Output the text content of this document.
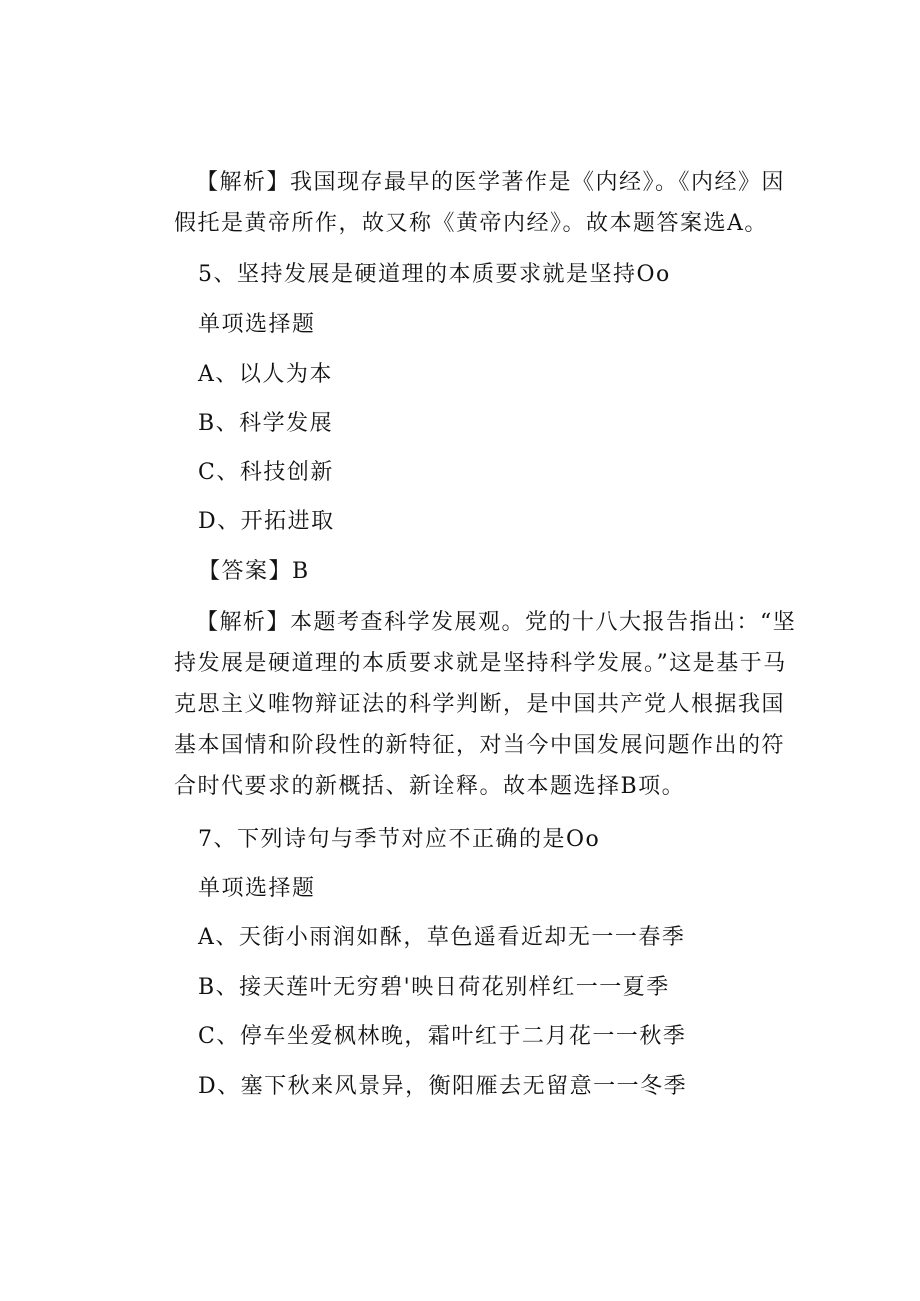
【解析】我国现存最早的医学著作是《内经》。《内经》因假托是黄帝所作，故又称《黄帝内经》。故本题答案选A。
5、坚持发展是硬道理的本质要求就是坚持Oo
单项选择题
A、以人为本
B、科学发展
C、科技创新
D、开拓进取
【答案】B
【解析】本题考查科学发展观。党的十八大报告指出：“坚持发展是硬道理的本质要求就是坚持科学发展。”这是基于马克思主义唯物辩证法的科学判断，是中国共产党人根据我国基本国情和阶段性的新特征，对当今中国发展问题作出的符合时代要求的新概括、新诠释。故本题选择B项。
7、下列诗句与季节对应不正确的是Oo
单项选择题
A、天街小雨润如酥，草色遥看近却无一一春季
B、接天莲叶无穷碧'映日荷花别样红一一夏季
C、停车坐爱枫林晚，霜叶红于二月花一一秋季
D、塞下秋来风景异，衡阳雁去无留意一一冬季
